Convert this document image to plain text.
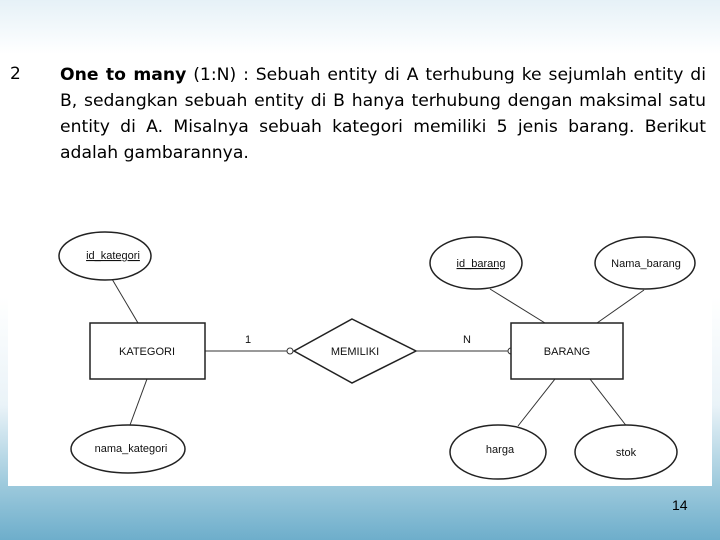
2 One to many (1:N) : Sebuah entity di A terhubung ke sejumlah entity di B, sedangkan sebuah entity di B hanya terhubung dengan maksimal satu entity di A. Misalnya sebuah kategori memiliki 5 jenis barang. Berikut adalah gambarannya.
KATEGORI	BARANG
MEMILIKI
1	N
id_kategori
nama_kategori
id_barang	Nama_barang
harga	stok
14
